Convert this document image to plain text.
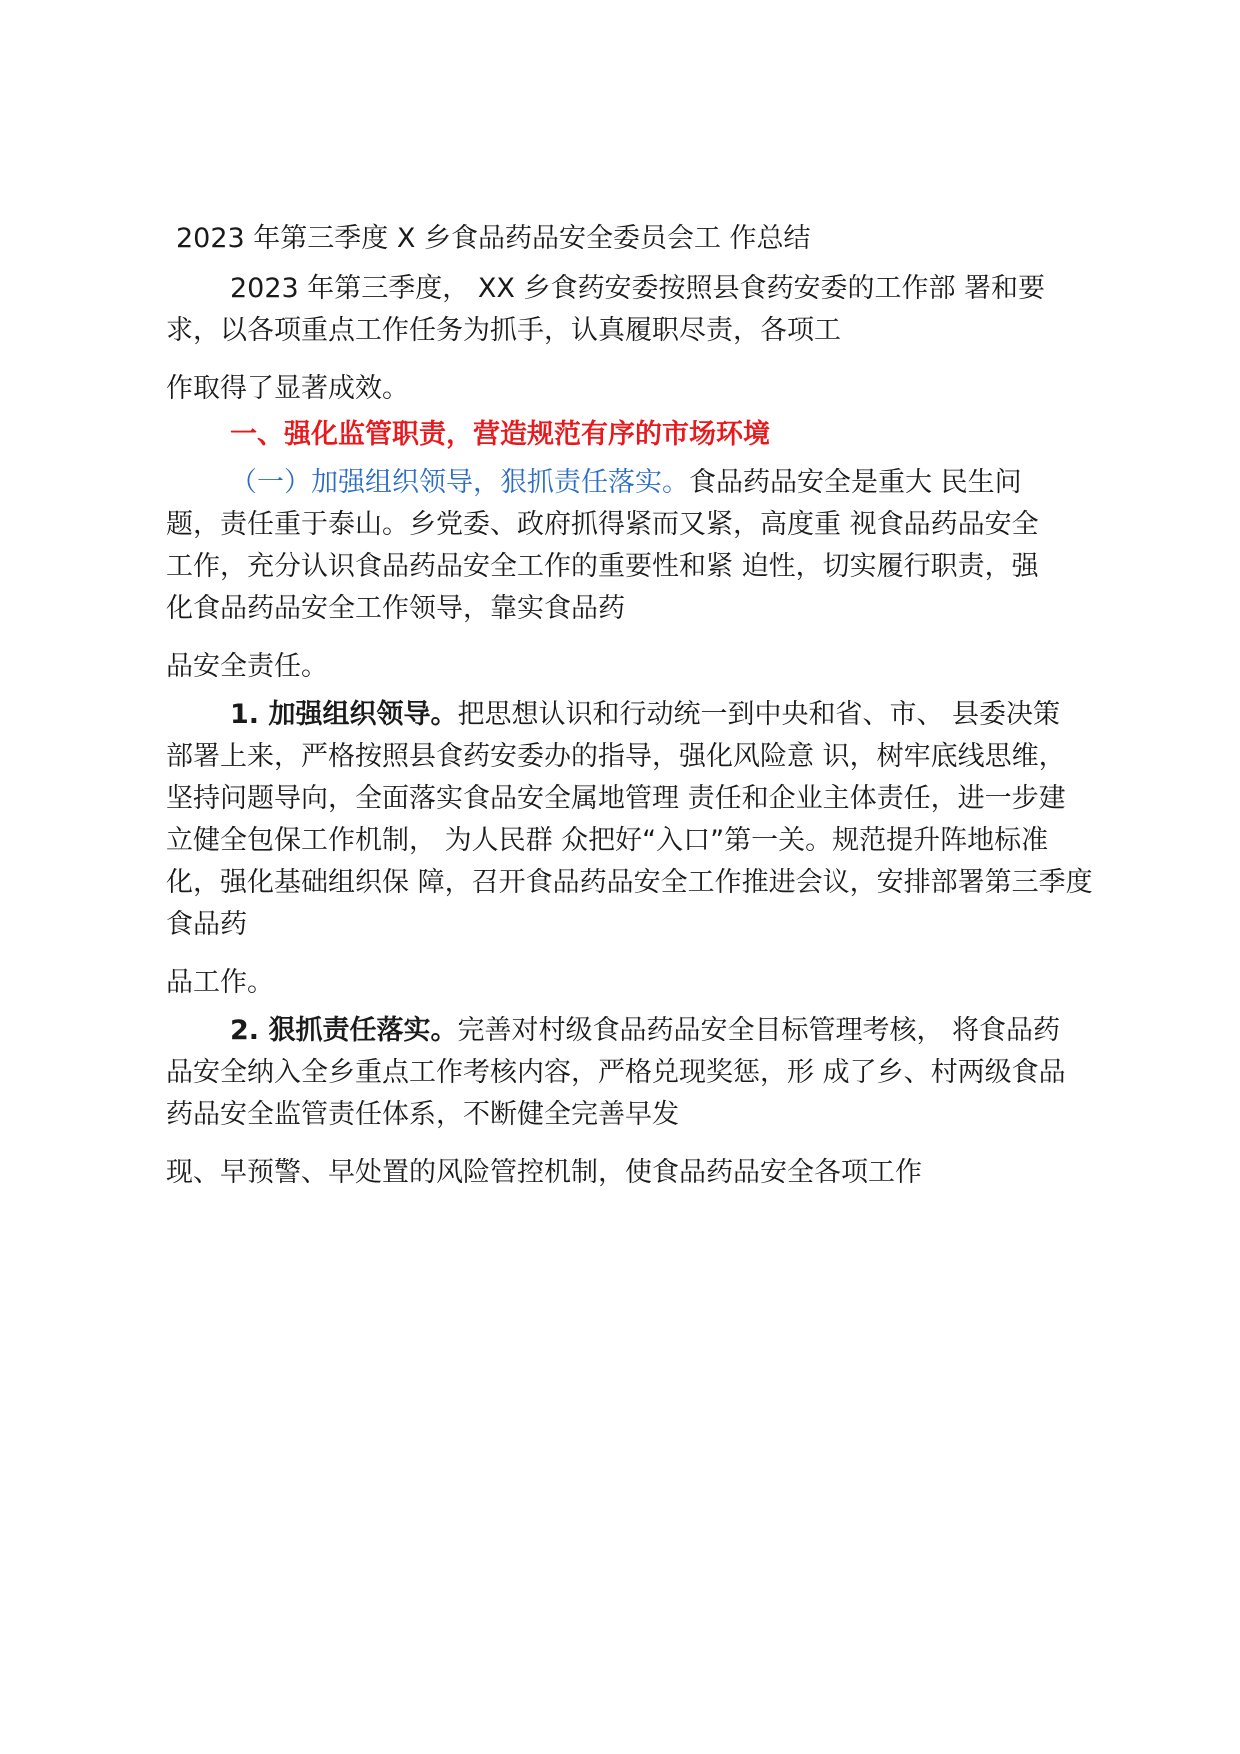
2023 年第三季度 X 乡食品药品安全委员会工 作总结
2023 年第三季度， XX 乡食药安委按照县食药安委的工作部 署和要
求，以各项重点工作任务为抓手，认真履职尽责，各项工
作取得了显著成效。
一、强化监管职责，营造规范有序的市场环境
（一）加强组织领导，狠抓责任落实。食品药品安全是重大 民生问
题，责任重于泰山。乡党委、政府抓得紧而又紧，高度重 视食品药品安全
工作，充分认识食品药品安全工作的重要性和紧 迫性，切实履行职责，强
化食品药品安全工作领导，靠实食品药
品安全责任。
1. 加强组织领导。把思想认识和行动统一到中央和省、市、 县委决策
部署上来，严格按照县食药安委办的指导，强化风险意 识，树牢底线思维，
坚持问题导向，全面落实食品安全属地管理 责任和企业主体责任，进一步建
立健全包保工作机制， 为人民群 众把好“入口”第一关。规范提升阵地标准
化，强化基础组织保 障，召开食品药品安全工作推进会议，安排部署第三季度
食品药
品工作。
2. 狠抓责任落实。完善对村级食品药品安全目标管理考核， 将食品药
品安全纳入全乡重点工作考核内容，严格兑现奖惩，形 成了乡、村两级食品
药品安全监管责任体系，不断健全完善早发
现、早预警、早处置的风险管控机制，使食品药品安全各项工作
